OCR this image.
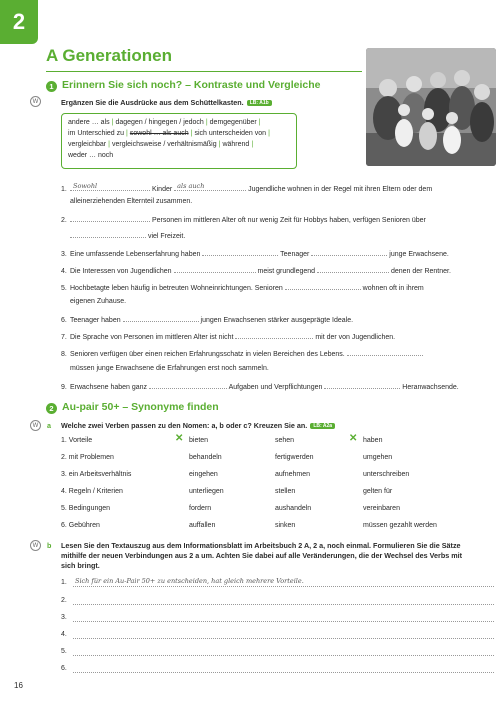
2
A Generationen
1 Erinnern Sie sich noch? – Kontraste und Vergleiche
W	Ergänzen Sie die Ausdrücke aus dem Schüttelkasten. LB: A1b
andere … als | dagegen / hingegen / jedoch | demgegenüber |
im Unterschied zu | sowohl … als auch | sich unterscheiden von |
vergleichbar | vergleichsweise / verhältnismäßig | während |
weder … noch
1. Sowohl	Kinder als auch	Jugendliche wohnen in der Regel mit ihren Eltern oder dem
alleinerziehenden Elternteil zusammen.
2.	Personen im mittleren Alter oft nur wenig Zeit für Hobbys haben, verfügen Senioren über
viel Freizeit.
3. Eine umfassende Lebenserfahrung haben	Teenager	junge Erwachsene.
4. Die Interessen von Jugendlichen	meist grundlegend	denen der Rentner.
5. Hochbetagte leben häufig in betreuten Wohneinrichtungen. Senioren	wohnen oft in ihrem
eigenen Zuhause.
6. Teenager haben	jungen Erwachsenen stärker ausgeprägte Ideale.
7. Die Sprache von Personen im mittleren Alter ist nicht	mit der von Jugendlichen.
8. Senioren verfügen über einen reichen Erfahrungsschatz in vielen Bereichen des Lebens.
müssen junge Erwachsene die Erfahrungen erst noch sammeln.
9. Erwachsene haben ganz	Aufgaben und Verpflichtungen	Heranwachsende.
2 Au-pair 50+ – Synonyme finden
W	a Welche zwei Verben passen zu den Nomen: a, b oder c? Kreuzen Sie an. LB: A2a
1. Vorteile	✕ bieten	sehen	✕ haben
2. mit Problemen	behandeln	fertigwerden	umgehen
3. ein Arbeitsverhältnis	eingehen	aufnehmen	unterschreiben
4. Regeln / Kriterien	unterliegen	stellen	gelten für
5. Bedingungen	fordern	aushandeln	vereinbaren
6. Gebühren	auffallen	sinken	müssen gezahlt werden
W	b Lesen Sie den Textauszug aus dem Informationsblatt im Arbeitsbuch 2 A, 2 a, noch einmal. Formulieren Sie die Sätze
mithilfe der neuen Verbindungen aus 2 a um. Achten Sie dabei auf alle Veränderungen, die der Wechsel des Verbs mit
sich bringt.
1. Sich für ein Au-Pair 50+ zu entscheiden, hat gleich mehrere Vorteile.
2.
3.
4.
5.
6.
16
